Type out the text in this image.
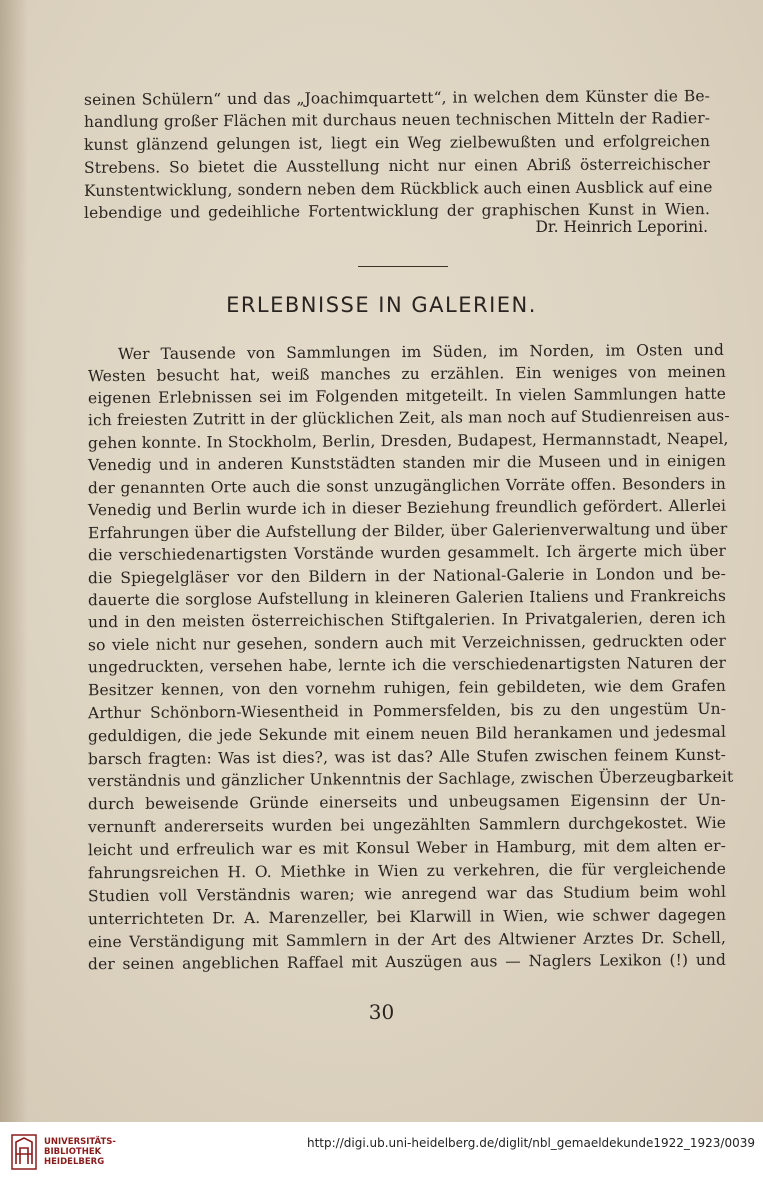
seinen Schülern“ und das „Joachimquartett“, in welchen dem Künster die Be-
handlung großer Flächen mit durchaus neuen technischen Mitteln der Radier-
kunst glänzend gelungen ist, liegt ein Weg zielbewußten und erfolgreichen
Strebens. So bietet die Ausstellung nicht nur einen Abriß österreichischer
Kunstentwicklung, sondern neben dem Rückblick auch einen Ausblick auf eine
lebendige und gedeihliche Fortentwicklung der graphischen Kunst in Wien.
Dr. Heinrich Leporini.
ERLEBNISSE IN GALERIEN.
Wer Tausende von Sammlungen im Süden, im Norden, im Osten und
Westen besucht hat, weiß manches zu erzählen. Ein weniges von meinen
eigenen Erlebnissen sei im Folgenden mitgeteilt. In vielen Sammlungen hatte
ich freiesten Zutritt in der glücklichen Zeit, als man noch auf Studienreisen aus-
gehen konnte. In Stockholm, Berlin, Dresden, Budapest, Hermannstadt, Neapel,
Venedig und in anderen Kunststädten standen mir die Museen und in einigen
der genannten Orte auch die sonst unzugänglichen Vorräte offen. Besonders in
Venedig und Berlin wurde ich in dieser Beziehung freundlich gefördert. Allerlei
Erfahrungen über die Aufstellung der Bilder, über Galerienverwaltung und über
die verschiedenartigsten Vorstände wurden gesammelt. Ich ärgerte mich über
die Spiegelgläser vor den Bildern in der National-Galerie in London und be-
dauerte die sorglose Aufstellung in kleineren Galerien Italiens und Frankreichs
und in den meisten österreichischen Stiftgalerien. In Privatgalerien, deren ich
so viele nicht nur gesehen, sondern auch mit Verzeichnissen, gedruckten oder
ungedruckten, versehen habe, lernte ich die verschiedenartigsten Naturen der
Besitzer kennen, von den vornehm ruhigen, fein gebildeten, wie dem Grafen
Arthur Schönborn-Wiesentheid in Pommersfelden, bis zu den ungestüm Un-
geduldigen, die jede Sekunde mit einem neuen Bild herankamen und jedesmal
barsch fragten: Was ist dies?, was ist das? Alle Stufen zwischen feinem Kunst-
verständnis und gänzlicher Unkenntnis der Sachlage, zwischen Überzeugbarkeit
durch beweisende Gründe einerseits und unbeugsamen Eigensinn der Un-
vernunft andererseits wurden bei ungezählten Sammlern durchgekostet. Wie
leicht und erfreulich war es mit Konsul Weber in Hamburg, mit dem alten er-
fahrungsreichen H. O. Miethke in Wien zu verkehren, die für vergleichende
Studien voll Verständnis waren; wie anregend war das Studium beim wohl
unterrichteten Dr. A. Marenzeller, bei Klarwill in Wien, wie schwer dagegen
eine Verständigung mit Sammlern in der Art des Altwiener Arztes Dr. Schell,
der seinen angeblichen Raffael mit Auszügen aus — Naglers Lexikon (!) und
30
UNIVERSITÄTS-
BIBLIOTHEK
HEIDELBERG
http://digi.ub.uni-heidelberg.de/diglit/nbl_gemaeldekunde1922_1923/0039
